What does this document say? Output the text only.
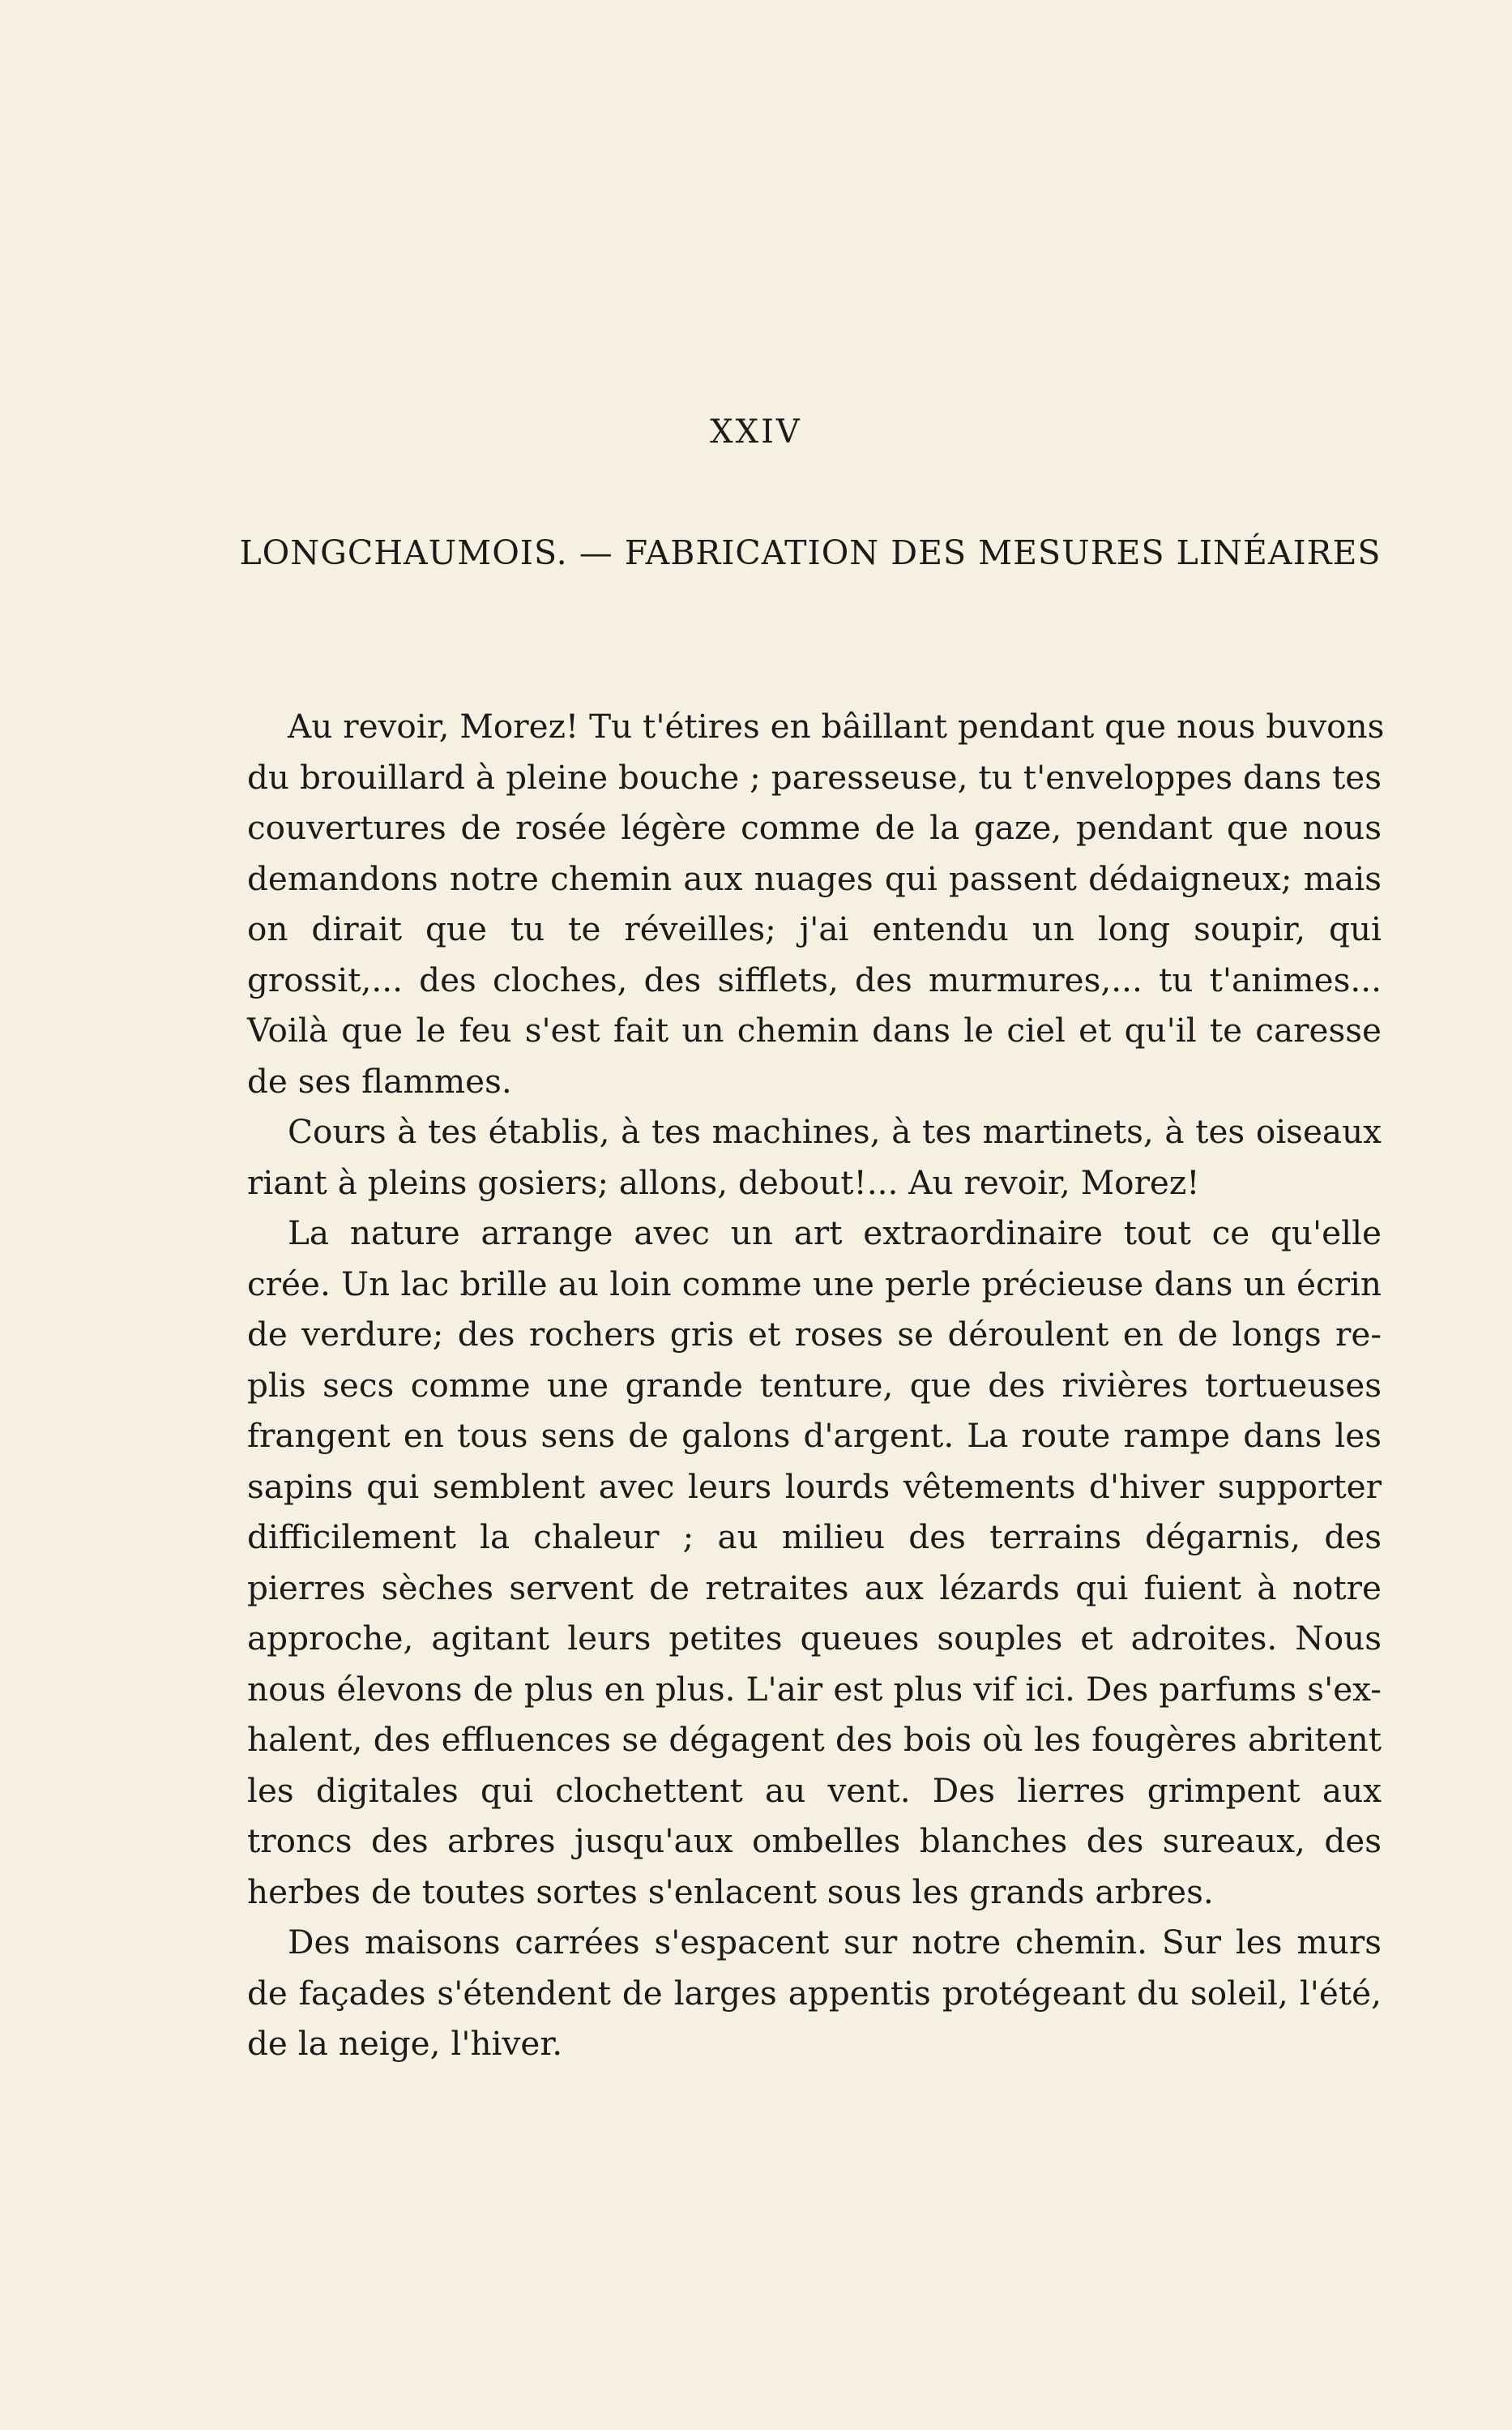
XXIV
LONGCHAUMOIS. — FABRICATION DES MESURES LINÉAIRES
Au revoir, Morez! Tu t'étires en bâillant pendant que nous buvons
du brouillard à pleine bouche ; paresseuse, tu t'enveloppes dans tes
couvertures de rosée légère comme de la gaze, pendant que nous
demandons notre chemin aux nuages qui passent dédaigneux; mais
on dirait que tu te réveilles; j'ai entendu un long soupir, qui
grossit,... des cloches, des sifflets, des murmures,... tu t'animes...
Voilà que le feu s'est fait un chemin dans le ciel et qu'il te caresse
de ses flammes.
Cours à tes établis, à tes machines, à tes martinets, à tes oiseaux
riant à pleins gosiers; allons, debout!... Au revoir, Morez!
La nature arrange avec un art extraordinaire tout ce qu'elle
crée. Un lac brille au loin comme une perle précieuse dans un écrin
de verdure; des rochers gris et roses se déroulent en de longs re-
plis secs comme une grande tenture, que des rivières tortueuses
frangent en tous sens de galons d'argent. La route rampe dans les
sapins qui semblent avec leurs lourds vêtements d'hiver supporter
difficilement la chaleur ; au milieu des terrains dégarnis, des
pierres sèches servent de retraites aux lézards qui fuient à notre
approche, agitant leurs petites queues souples et adroites. Nous
nous élevons de plus en plus. L'air est plus vif ici. Des parfums s'ex-
halent, des effluences se dégagent des bois où les fougères abritent
les digitales qui clochettent au vent. Des lierres grimpent aux
troncs des arbres jusqu'aux ombelles blanches des sureaux, des
herbes de toutes sortes s'enlacent sous les grands arbres.
Des maisons carrées s'espacent sur notre chemin. Sur les murs
de façades s'étendent de larges appentis protégeant du soleil, l'été,
de la neige, l'hiver.
